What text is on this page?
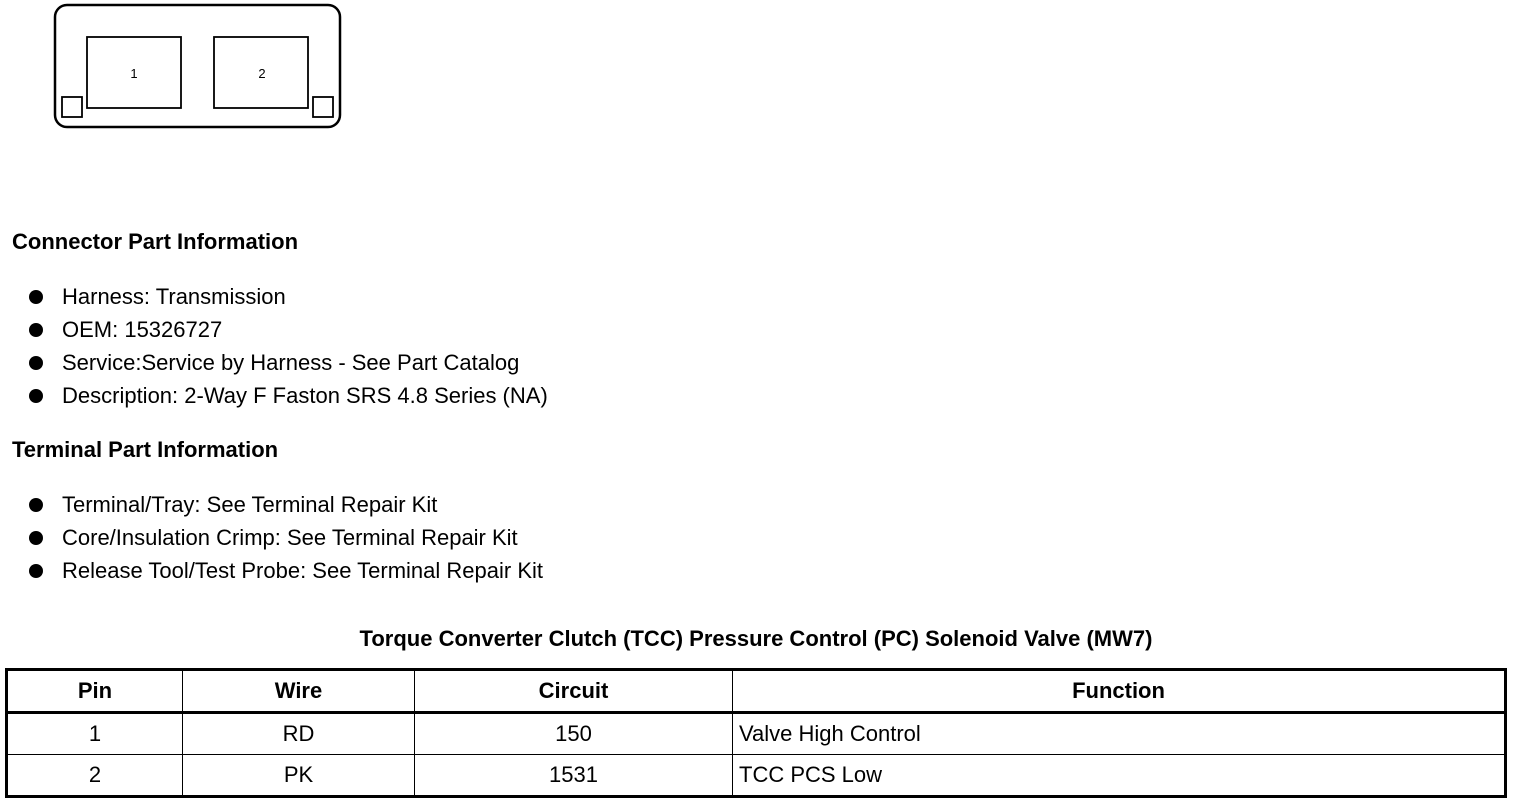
1	2
Connector Part Information
Harness: Transmission
OEM: 15326727
Service:Service by Harness - See Part Catalog
Description: 2-Way F Faston SRS 4.8 Series (NA)
Terminal Part Information
Terminal/Tray: See Terminal Repair Kit
Core/Insulation Crimp: See Terminal Repair Kit
Release Tool/Test Probe: See Terminal Repair Kit
Torque Converter Clutch (TCC) Pressure Control (PC) Solenoid Valve (MW7)
Pin	Wire	Circuit	Function
1	RD	150	Valve High Control
2	PK	1531	TCC PCS Low
